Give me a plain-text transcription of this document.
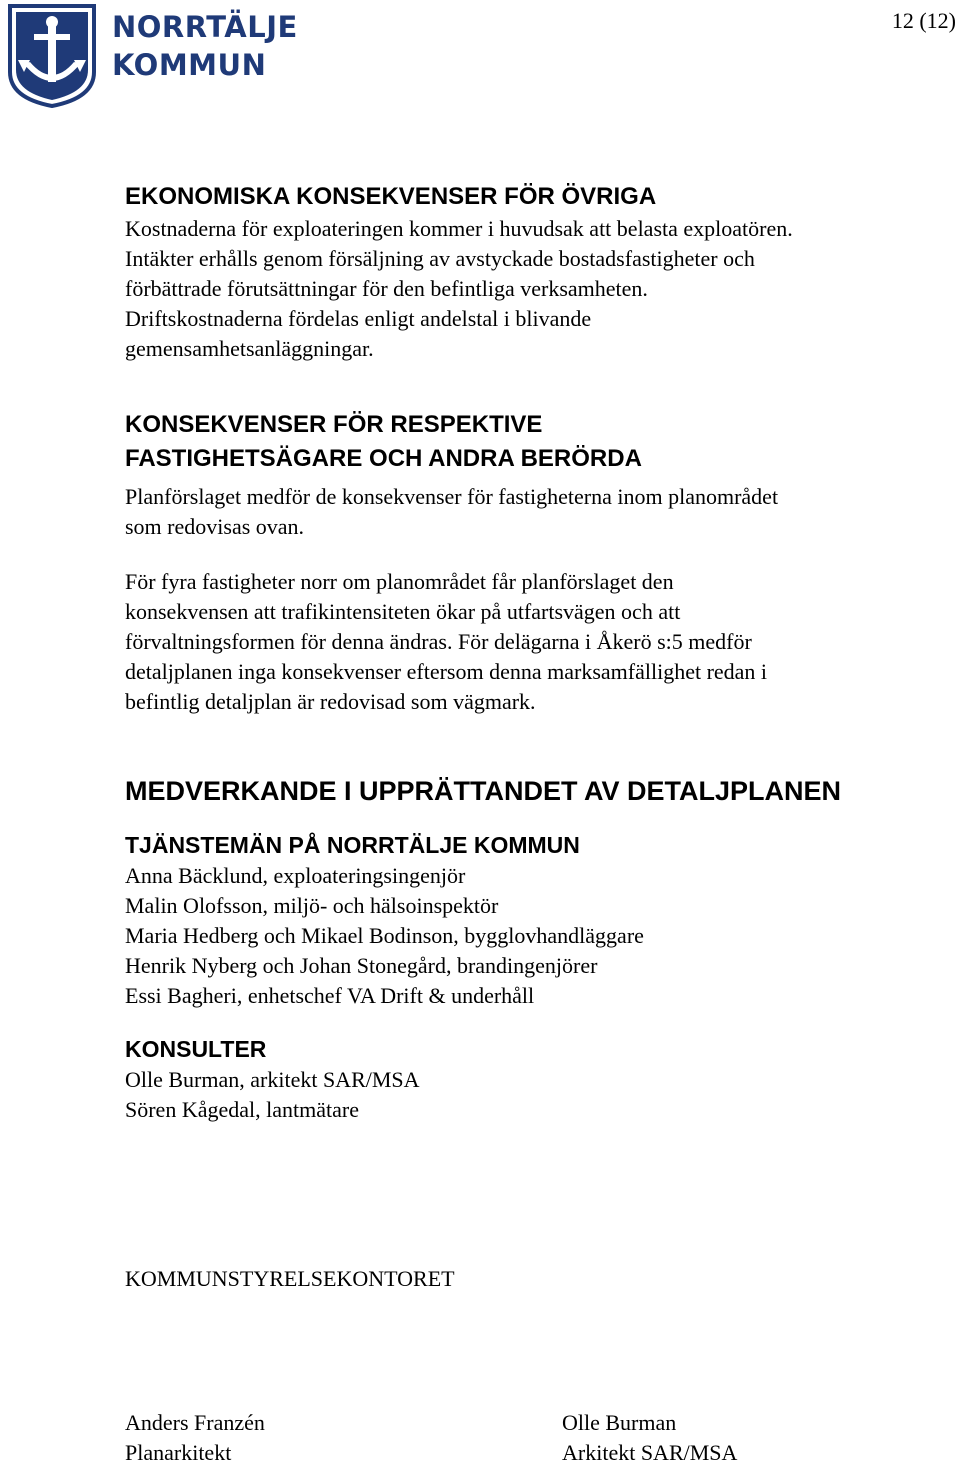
NORRTÄLJE
KOMMUN
12 (12)
EKONOMISKA KONSEKVENSER FÖR ÖVRIGA

Kostnaderna för exploateringen kommer i huvudsak att belasta exploatören.
Intäkter erhålls genom försäljning av avstyckade bostadsfastigheter och
förbättrade förutsättningar för den befintliga verksamheten.
Driftskostnaderna fördelas enligt andelstal i blivande
gemensamhetsanläggningar.

KONSEKVENSER FÖR RESPEKTIVE
FASTIGHETSÄGARE OCH ANDRA BERÖRDA

Planförslaget medför de konsekvenser för fastigheterna inom planområdet
som redovisas ovan.

För fyra fastigheter norr om planområdet får planförslaget den
konsekvensen att trafikintensiteten ökar på utfartsvägen och att
förvaltningsformen för denna ändras. För delägarna i Åkerö s:5 medför
detaljplanen inga konsekvenser eftersom denna marksamfällighet redan i
befintlig detaljplan är redovisad som vägmark.

MEDVERKANDE I UPPRÄTTANDET AV DETALJPLANEN
TJÄNSTEMÄN PÅ NORRTÄLJE KOMMUN
Anna Bäcklund, exploateringsingenjör
Malin Olofsson, miljö- och hälsoinspektör
Maria Hedberg och Mikael Bodinson, bygglovhandläggare
Henrik Nyberg och Johan Stonegård, brandingenjörer
Essi Bagheri, enhetschef VA Drift & underhåll
KONSULTER
Olle Burman, arkitekt SAR/MSA
Sören Kågedal, lantmätare
KOMMUNSTYRELSEKONTORET
Anders Franzén
Planarkitekt
Olle Burman
Arkitekt SAR/MSA
